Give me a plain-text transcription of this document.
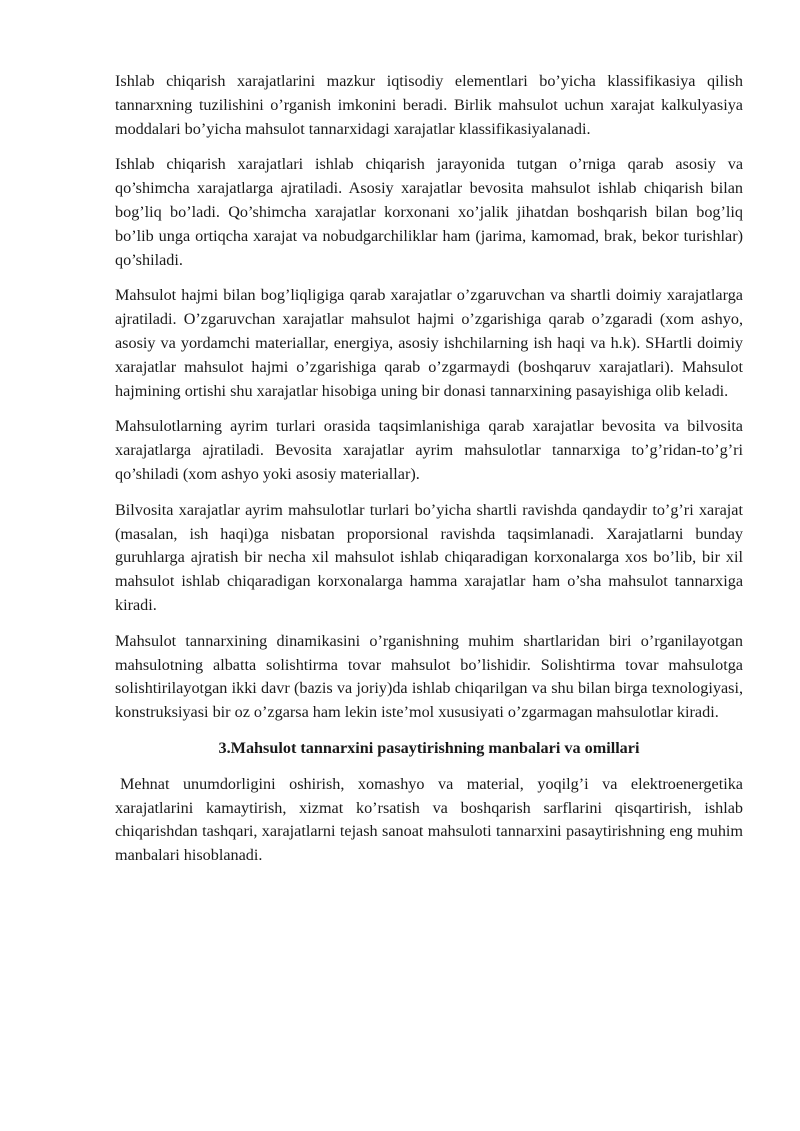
Ishlab chiqarish xarajatlarini mazkur iqtisodiy elementlari bo’yicha klassifikasiya qilish tannarxning tuzilishini o’rganish imkonini beradi. Birlik mahsulot uchun xarajat kalkulyasiya moddalari bo’yicha mahsulot tannarxidagi xarajatlar klassifikasiyalanadi.

Ishlab chiqarish xarajatlari ishlab chiqarish jarayonida tutgan o’rniga qarab asosiy va qo’shimcha xarajatlarga ajratiladi. Asosiy xarajatlar bevosita mahsulot ishlab chiqarish bilan bog’liq bo’ladi. Qo’shimcha xarajatlar korxonani xo’jalik jihatdan boshqarish bilan bog’liq bo’lib unga ortiqcha xarajat va nobudgarchiliklar ham (jarima, kamomad, brak, bekor turishlar) qo’shiladi.

Mahsulot hajmi bilan bog’liqligiga qarab xarajatlar o’zgaruvchan va shartli doimiy xarajatlarga ajratiladi. O’zgaruvchan xarajatlar mahsulot hajmi o’zgarishiga qarab o’zgaradi (xom ashyo, asosiy va yordamchi materiallar, energiya, asosiy ishchilarning ish haqi va h.k). SHartli doimiy xarajatlar mahsulot hajmi o’zgarishiga qarab o’zgarmaydi (boshqaruv xarajatlari). Mahsulot hajmining ortishi shu xarajatlar hisobiga uning bir donasi tannarxining pasayishiga olib keladi.

Mahsulotlarning ayrim turlari orasida taqsimlanishiga qarab xarajatlar bevosita va bilvosita xarajatlarga ajratiladi. Bevosita xarajatlar ayrim mahsulotlar tannarxiga to’g’ridan-to’g’ri qo’shiladi (xom ashyo yoki asosiy materiallar).

Bilvosita xarajatlar ayrim mahsulotlar turlari bo’yicha shartli ravishda qandaydir to’g’ri xarajat (masalan, ish haqi)ga nisbatan proporsional ravishda taqsimlanadi. Xarajatlarni bunday guruhlarga ajratish bir necha xil mahsulot ishlab chiqaradigan korxonalarga xos bo’lib, bir xil mahsulot ishlab chiqaradigan korxonalarga hamma xarajatlar ham o’sha mahsulot tannarxiga kiradi.

Mahsulot tannarxining dinamikasini o’rganishning muhim shartlaridan biri o’rganilayotgan mahsulotning albatta solishtirma tovar mahsulot bo’lishidir. Solishtirma tovar mahsulotga solishtirilayotgan ikki davr (bazis va joriy)da ishlab chiqarilgan va shu bilan birga texnologiyasi, konstruksiyasi bir oz o’zgarsa ham lekin iste’mol xususiyati o’zgarmagan mahsulotlar kiradi.

3.Mahsulot tannarxini pasaytirishning manbalari va omillari

Mehnat unumdorligini oshirish, xomashyo va material, yoqilg’i va elektroenergetika xarajatlarini kamaytirish, xizmat ko’rsatish va boshqarish sarflarini qisqartirish, ishlab chiqarishdan tashqari, xarajatlarni tejash sanoat mahsuloti tannarxini pasaytirishning eng muhim manbalari hisoblanadi.
